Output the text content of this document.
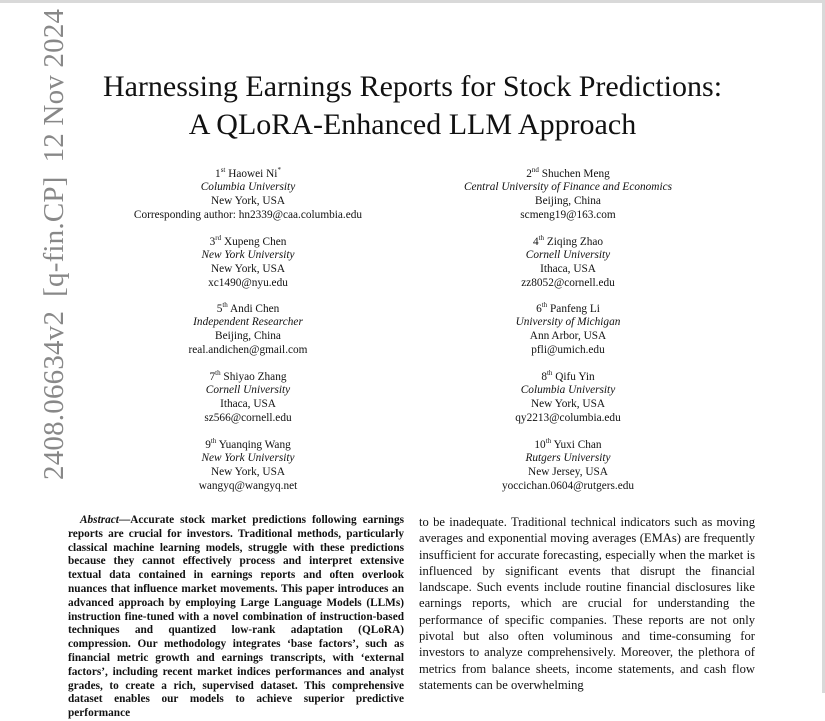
2408.06634v2[q-fin.CP]12 Nov 2024	Harnessing Earnings Reports for Stock Predictions:
A QLoRA-Enhanced LLM Approach
1st Haowei Ni*
Columbia University
New York, USA
Corresponding author: hn2339@caa.columbia.edu
2nd Shuchen Meng
Central University of Finance and Economics
Beijing, China
scmeng19@163.com
3rd Xupeng Chen
New York University
New York, USA
xc1490@nyu.edu
4th Ziqing Zhao
Cornell University
Ithaca, USA
zz8052@cornell.edu
5th Andi Chen
Independent Researcher
Beijing, China
real.andichen@gmail.com
6th Panfeng Li
University of Michigan
Ann Arbor, USA
pfli@umich.edu
7th Shiyao Zhang
Cornell University
Ithaca, USA
sz566@cornell.edu
8th Qifu Yin
Columbia University
New York, USA
qy2213@columbia.edu
9th Yuanqing Wang
New York University
New York, USA
wangyq@wangyq.net
10th Yuxi Chan
Rutgers University
New Jersey, USA
yoccichan.0604@rutgers.edu
Abstract—Accurate stock market predictions following earnings reports are crucial for investors. Traditional methods, particularly classical machine learning models, struggle with these predictions because they cannot effectively process and interpret extensive textual data contained in earnings reports and often overlook nuances that influence market movements. This paper introduces an advanced approach by employing Large Language Models (LLMs) instruction fine-tuned with a novel combination of instruction-based techniques and quantized low-rank adaptation (QLoRA) compression. Our methodology integrates ‘base factors’, such as financial metric growth and earnings transcripts, with ‘external factors’, including recent market indices performances and analyst grades, to create a rich, supervised dataset. This comprehensive dataset enables our models to achieve superior predictive performance
to be inadequate. Traditional technical indicators such as moving averages and exponential moving averages (EMAs) are frequently insufficient for accurate forecasting, especially when the market is influenced by significant events that disrupt the financial landscape. Such events include routine financial disclosures like earnings reports, which are crucial for understanding the performance of specific companies. These reports are not only pivotal but also often voluminous and time-consuming for investors to analyze comprehensively. Moreover, the plethora of metrics from balance sheets, income statements, and cash flow statements can be overwhelming
